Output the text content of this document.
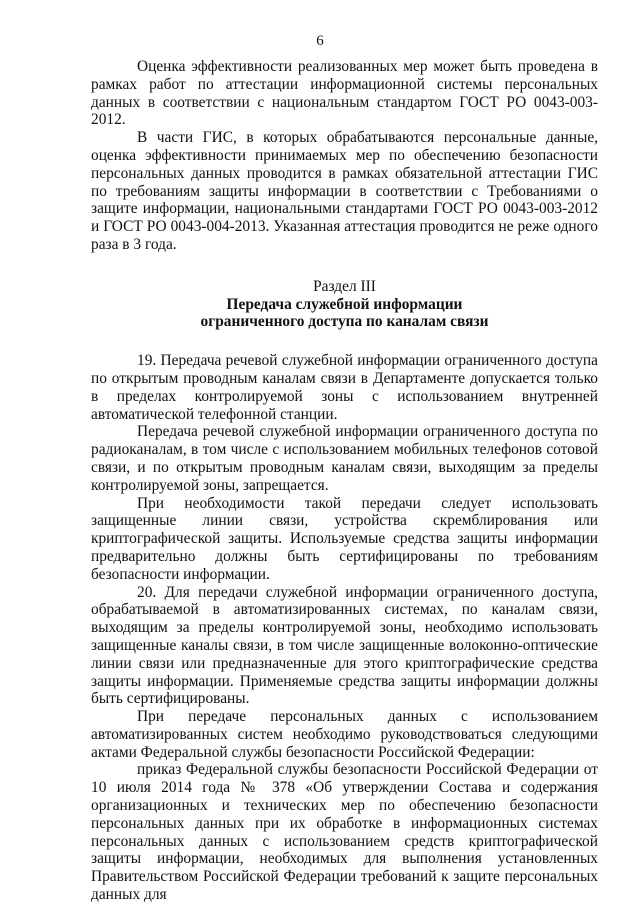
6

Оценка эффективности реализованных мер может быть проведена в рамках работ по аттестации информационной системы персональных данных в соответствии с национальным стандартом ГОСТ РО 0043-003-2012.

В части ГИС, в которых обрабатываются персональные данные, оценка эффективности принимаемых мер по обеспечению безопасности персональных данных проводится в рамках обязательной аттестации ГИС по требованиям защиты информации в соответствии с Требованиями о защите информации, национальными стандартами ГОСТ РО 0043-003-2012 и ГОСТ РО 0043-004-2013. Указанная аттестация проводится не реже одного раза в 3 года.

Раздел III
Передача служебной информации
ограниченного доступа по каналам связи

19. Передача речевой служебной информации ограниченного доступа по открытым проводным каналам связи в Департаменте допускается только в пределах контролируемой зоны с использованием внутренней автоматической телефонной станции.

Передача речевой служебной информации ограниченного доступа по радиоканалам, в том числе с использованием мобильных телефонов сотовой связи, и по открытым проводным каналам связи, выходящим за пределы контролируемой зоны, запрещается.

При необходимости такой передачи следует использовать защищенные линии связи, устройства скремблирования или криптографической защиты. Используемые средства защиты информации предварительно должны быть сертифицированы по требованиям безопасности информации.

20. Для передачи служебной информации ограниченного доступа, обрабатываемой в автоматизированных системах, по каналам связи, выходящим за пределы контролируемой зоны, необходимо использовать защищенные каналы связи, в том числе защищенные волоконно-оптические линии связи или предназначенные для этого криптографические средства защиты информации. Применяемые средства защиты информации должны быть сертифицированы.

При передаче персональных данных с использованием автоматизированных систем необходимо руководствоваться следующими актами Федеральной службы безопасности Российской Федерации:

приказ Федеральной службы безопасности Российской Федерации от 10 июля 2014 года № 378 «Об утверждении Состава и содержания организационных и технических мер по обеспечению безопасности персональных данных при их обработке в информационных системах персональных данных с использованием средств криптографической защиты информации, необходимых для выполнения установленных Правительством Российской Федерации требований к защите персональных данных для
